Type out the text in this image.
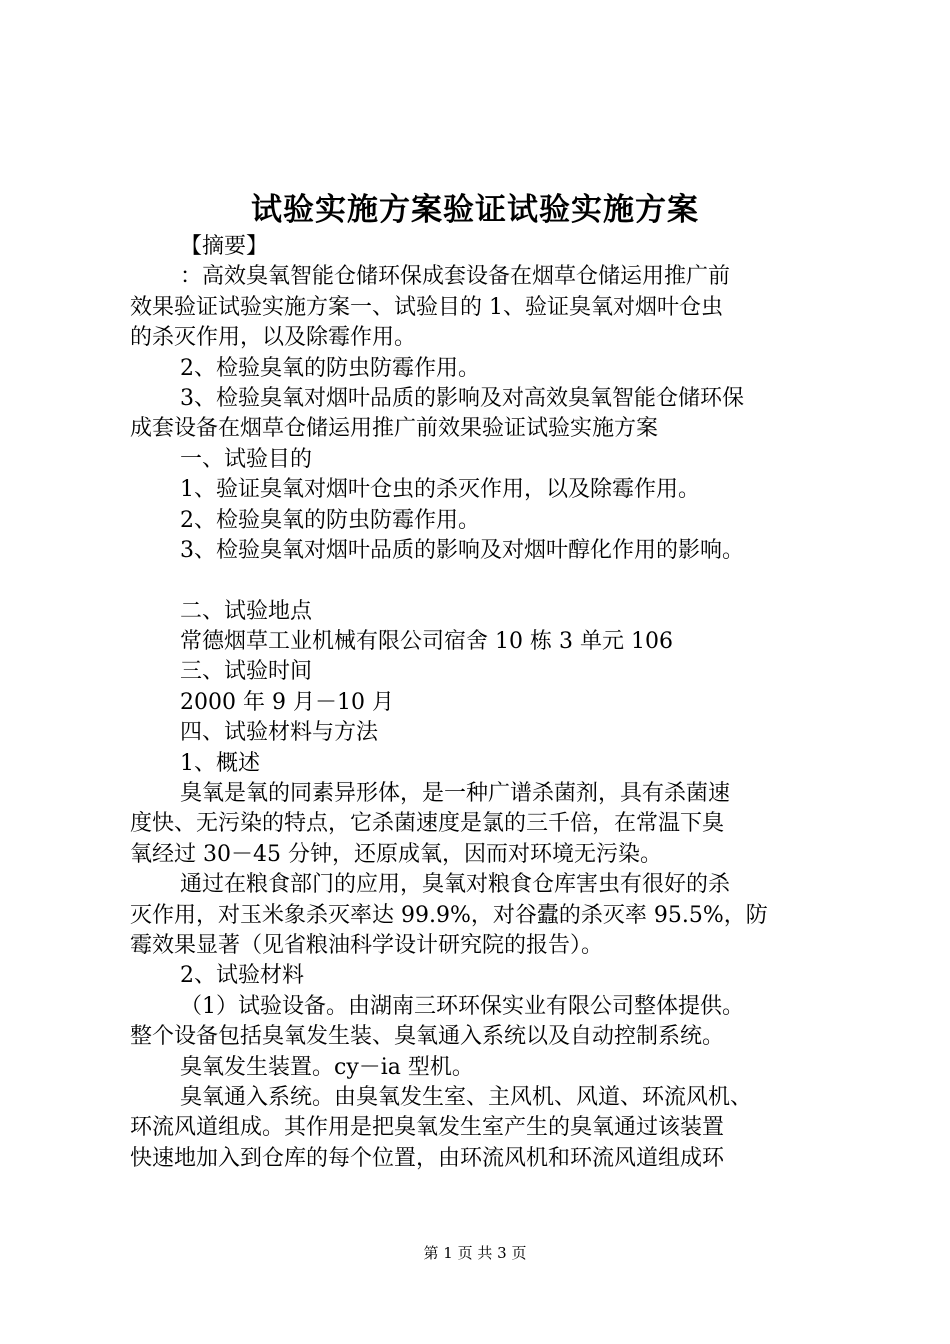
试验实施方案验证试验实施方案
【摘要】
：高效臭氧智能仓储环保成套设备在烟草仓储运用推广前
效果验证试验实施方案一、试验目的 1、验证臭氧对烟叶仓虫
的杀灭作用，以及除霉作用。
2、检验臭氧的防虫防霉作用。
3、检验臭氧对烟叶品质的影响及对高效臭氧智能仓储环保
成套设备在烟草仓储运用推广前效果验证试验实施方案
一、试验目的
1、验证臭氧对烟叶仓虫的杀灭作用，以及除霉作用。
2、检验臭氧的防虫防霉作用。
3、检验臭氧对烟叶品质的影响及对烟叶醇化作用的影响。
二、试验地点
常德烟草工业机械有限公司宿舍 10 栋 3 单元 106
三、试验时间
2000 年 9 月－10 月
四、试验材料与方法
1、概述
臭氧是氧的同素异形体，是一种广谱杀菌剂，具有杀菌速
度快、无污染的特点，它杀菌速度是氯的三千倍，在常温下臭
氧经过 30－45 分钟，还原成氧，因而对环境无污染。
通过在粮食部门的应用，臭氧对粮食仓库害虫有很好的杀
灭作用，对玉米象杀灭率达 99.9%，对谷蠹的杀灭率 95.5%，防
霉效果显著（见省粮油科学设计研究院的报告）。
2、试验材料
（1）试验设备。由湖南三环环保实业有限公司整体提供。
整个设备包括臭氧发生装、臭氧通入系统以及自动控制系统。
臭氧发生装置。cy－ia 型机。
臭氧通入系统。由臭氧发生室、主风机、风道、环流风机、
环流风道组成。其作用是把臭氧发生室产生的臭氧通过该装置
快速地加入到仓库的每个位置，由环流风机和环流风道组成环
第 1 页 共 3 页
